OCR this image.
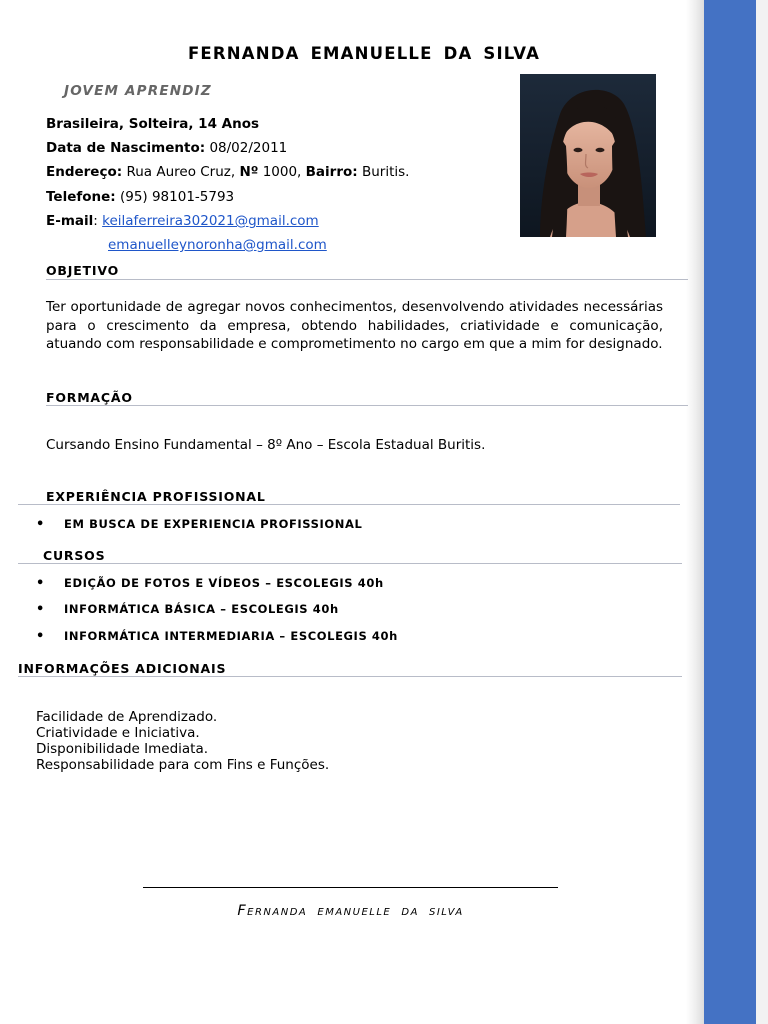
FERNANDA EMANUELLE DA SILVA
JOVEM APRENDIZ
Brasileira, Solteira, 14 Anos
Data de Nascimento: 08/02/2011
Endereço: Rua Aureo Cruz, Nº 1000, Bairro: Buritis.
Telefone: (95) 98101-5793
E-mail: keilaferreira302021@gmail.com
emanuelleynoronha@gmail.com
OBJETIVO
Ter oportunidade de agregar novos conhecimentos, desenvolvendo atividades necessárias para o crescimento da empresa, obtendo habilidades, criatividade e comunicação, atuando com responsabilidade e comprometimento no cargo em que a mim for designado.
FORMAÇÃO
Cursando Ensino Fundamental – 8º Ano – Escola Estadual Buritis.
EXPERIÊNCIA PROFISSIONAL
• EM BUSCA DE EXPERIENCIA PROFISSIONAL
CURSOS
• EDIÇÃO DE FOTOS E VÍDEOS – ESCOLEGIS 40h
• INFORMÁTICA BÁSICA – ESCOLEGIS 40h
• INFORMÁTICA INTERMEDIARIA – ESCOLEGIS 40h
INFORMAÇÕES ADICIONAIS
Facilidade de Aprendizado.
Criatividade e Iniciativa.
Disponibilidade Imediata.
Responsabilidade para com Fins e Funções.
Fernanda emanuelle da silva
